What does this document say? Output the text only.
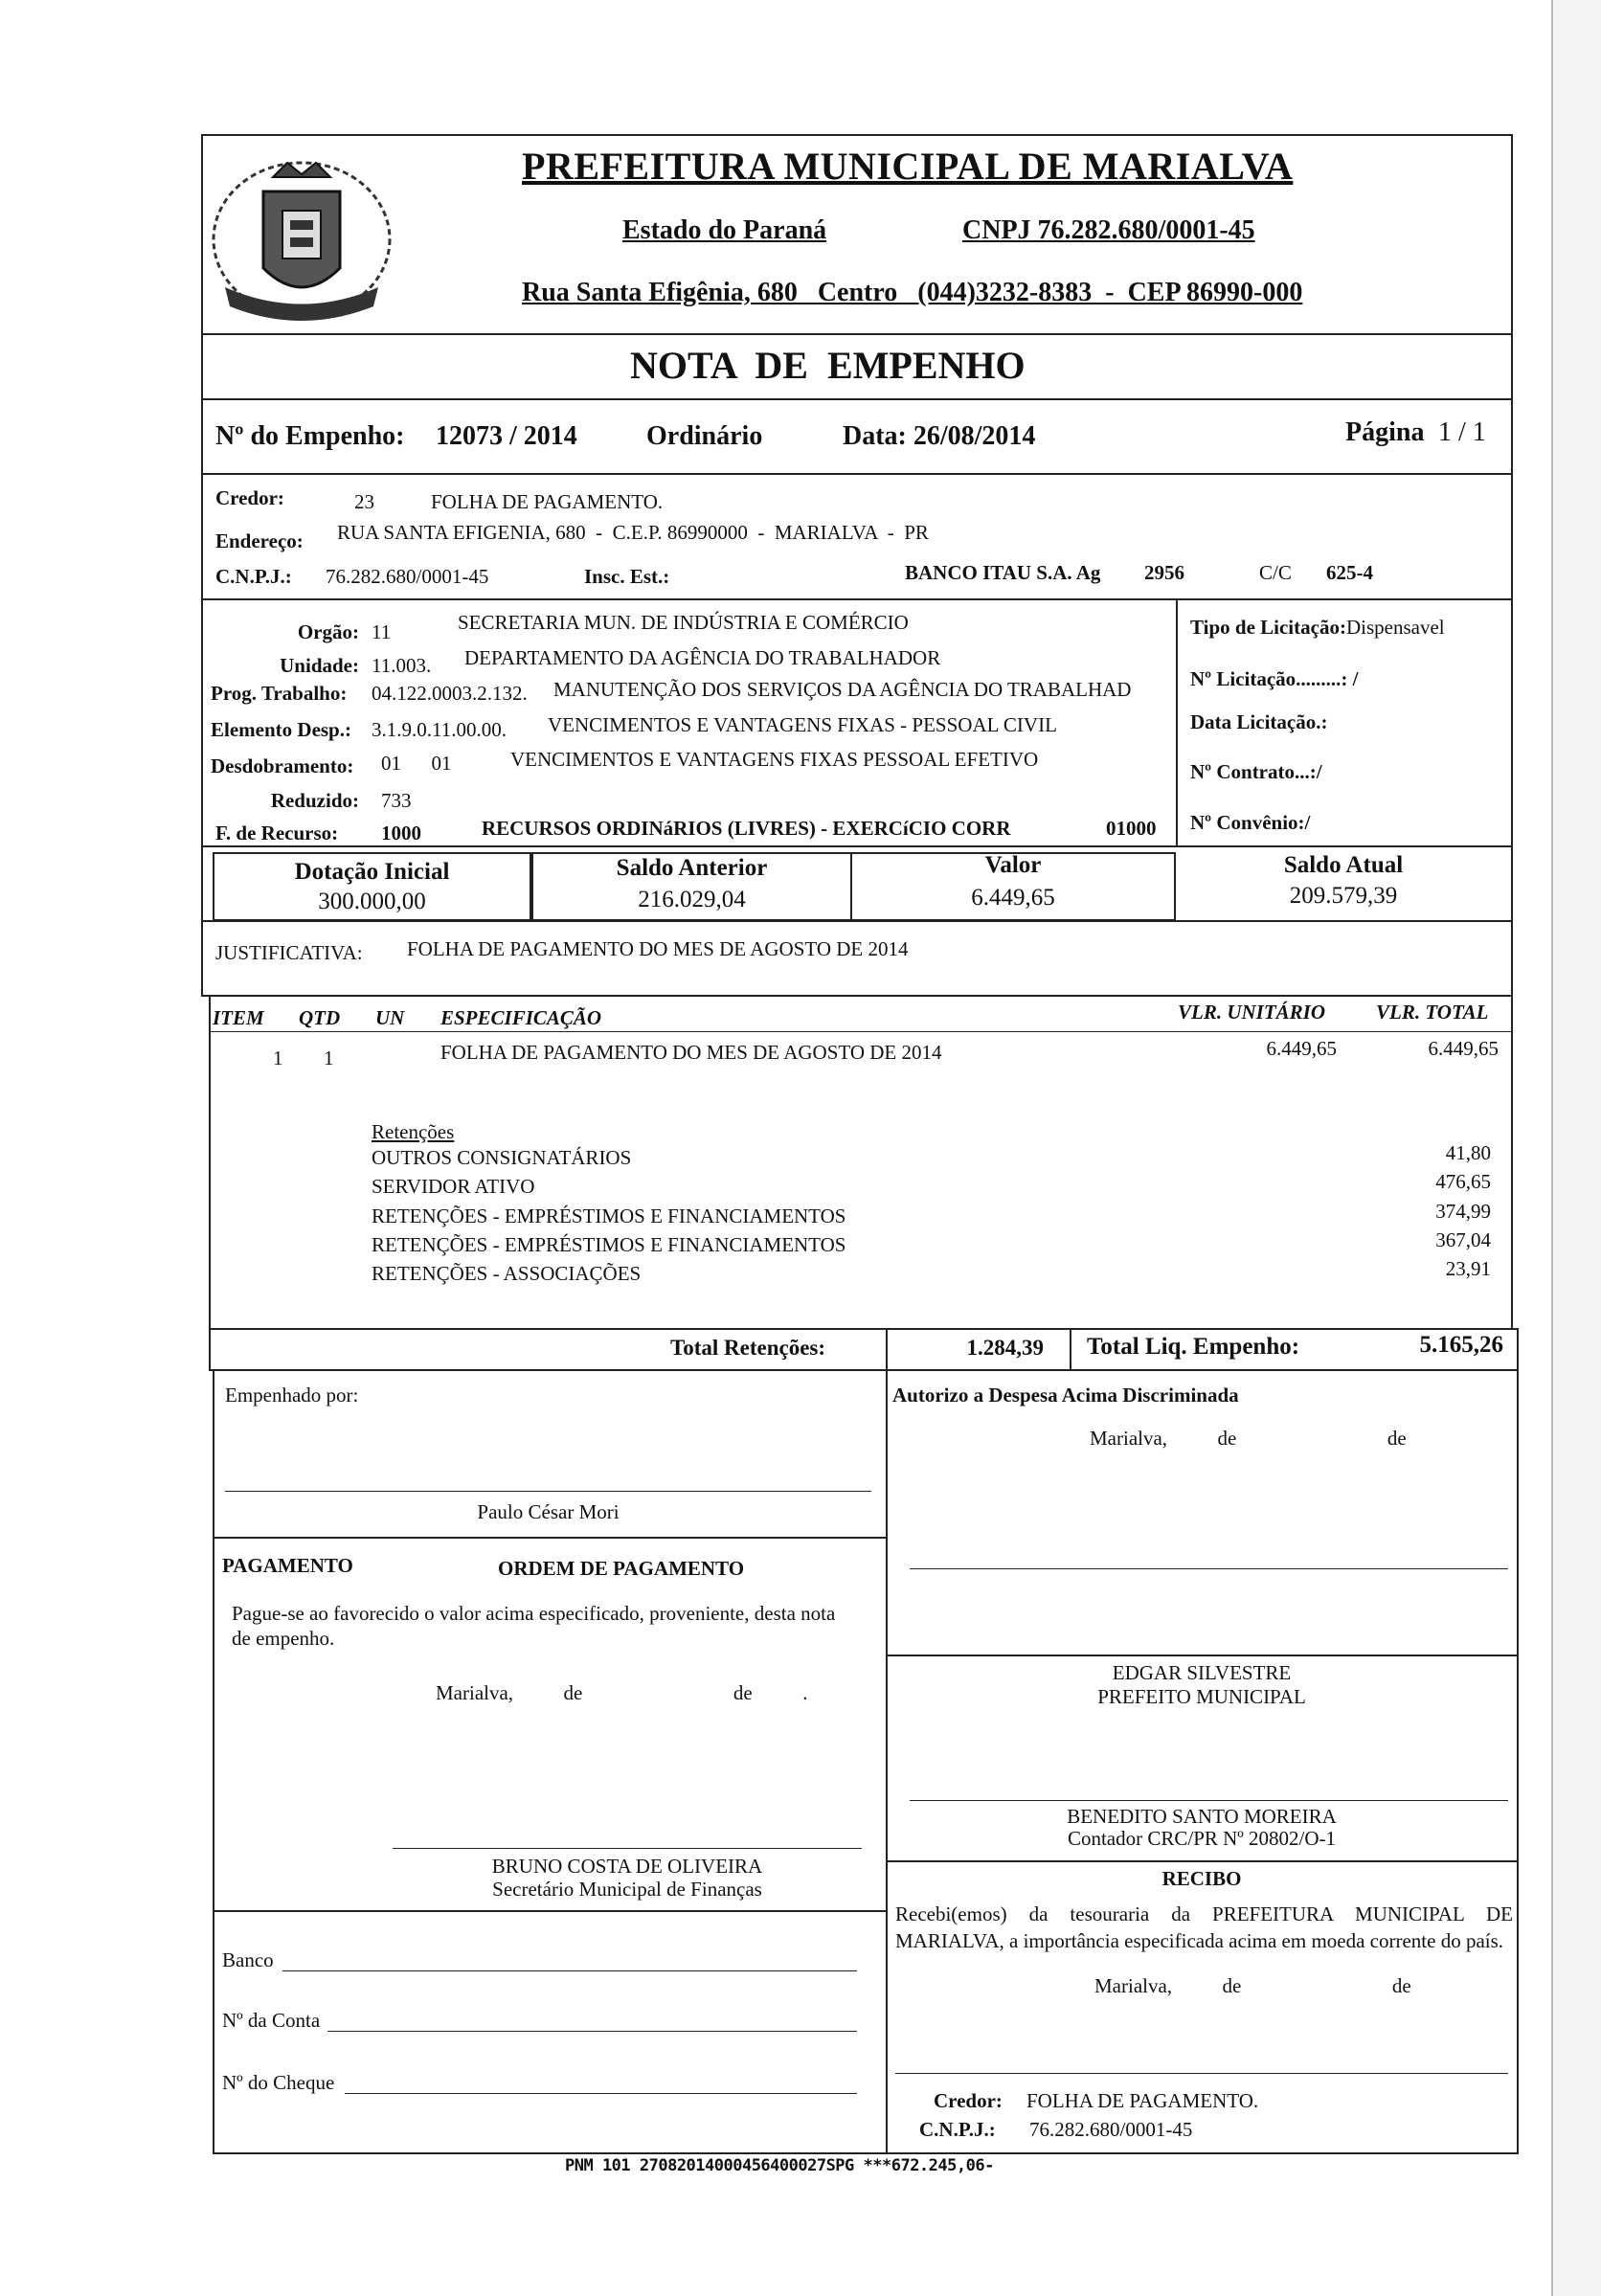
PREFEITURA MUNICIPAL DE MARIALVA
Estado do Paraná	CNPJ 76.282.680/0001-45
Rua Santa Efigênia, 680   Centro   (044)3232-8383  -  CEP 86990-000
NOTA  DE  EMPENHO
Nº do Empenho: 12073 / 2014	Ordinário	Data: 26/08/2014	Página 1 / 1
Credor:	23	FOLHA DE PAGAMENTO.
Endereço: RUA SANTA EFIGENIA, 680  -  C.E.P. 86990000  -  MARIALVA  -  PR
C.N.P.J.: 76.282.680/0001-45	Insc. Est.:	BANCO ITAU S.A. Ag 2956	C/C 625-4
Orgão: 11	SECRETARIA MUN. DE INDÚSTRIA E COMÉRCIO
Unidade: 11.003. DEPARTAMENTO DA AGÊNCIA DO TRABALHADOR
Prog. Trabalho: 04.122.0003.2.132. MANUTENÇÃO DOS SERVIÇOS DA AGÊNCIA DO TRABALHAD
Elemento Desp.: 3.1.9.0.11.00.00. VENCIMENTOS E VANTAGENS FIXAS - PESSOAL CIVIL
Desdobramento: 01      01	VENCIMENTOS E VANTAGENS FIXAS PESSOAL EFETIVO
Reduzido: 733
F. de Recurso: 1000	RECURSOS ORDINáRIOS (LIVRES) - EXERCíCIO CORR	01000
Tipo de Licitação:Dispensavel
Nº Licitação.........: /
Data Licitação.:
Nº Contrato...:/
Nº Convênio:/
Dotação Inicial
300.000,00
Saldo Anterior
216.029,04
Valor
6.449,65
Saldo Atual
209.579,39
JUSTIFICATIVA: FOLHA DE PAGAMENTO DO MES DE AGOSTO DE 2014
ITEM QTD UN ESPECIFICAÇÃO	VLR. UNITÁRIO	VLR. TOTAL
1 1	FOLHA DE PAGAMENTO DO MES DE AGOSTO DE 2014	6.449,65	6.449,65
Retenções
OUTROS CONSIGNATÁRIOS	41,80
SERVIDOR ATIVO	476,65
RETENÇÕES - EMPRÉSTIMOS E FINANCIAMENTOS	374,99
RETENÇÕES - EMPRÉSTIMOS E FINANCIAMENTOS	367,04
RETENÇÕES - ASSOCIAÇÕES	23,91
Total Retenções:	1.284,39 Total Liq. Empenho:	5.165,26
Empenhado por:
Paulo César Mori
PAGAMENTO	ORDEM DE PAGAMENTO
Pague-se ao favorecido o valor acima especificado, proveniente, desta nota de empenho.
Marialva,          de                              de          .
BRUNO COSTA DE OLIVEIRA
Secretário Municipal de Finanças
Banco
Nº da Conta
Nº do Cheque
Autorizo a Despesa Acima Discriminada
Marialva,          de                              de
EDGAR SILVESTRE
PREFEITO MUNICIPAL
BENEDITO SANTO MOREIRA
Contador CRC/PR Nº 20802/O-1
RECIBO
Recebi(emos) da tesouraria da PREFEITURA MUNICIPAL DE MARIALVA, a importância especificada acima em moeda corrente do país.
Marialva,          de                              de
Credor: FOLHA DE PAGAMENTO.
C.N.P.J.: 76.282.680/0001-45
PNM 101 27082014000456400027SPG ***672.245,06-
